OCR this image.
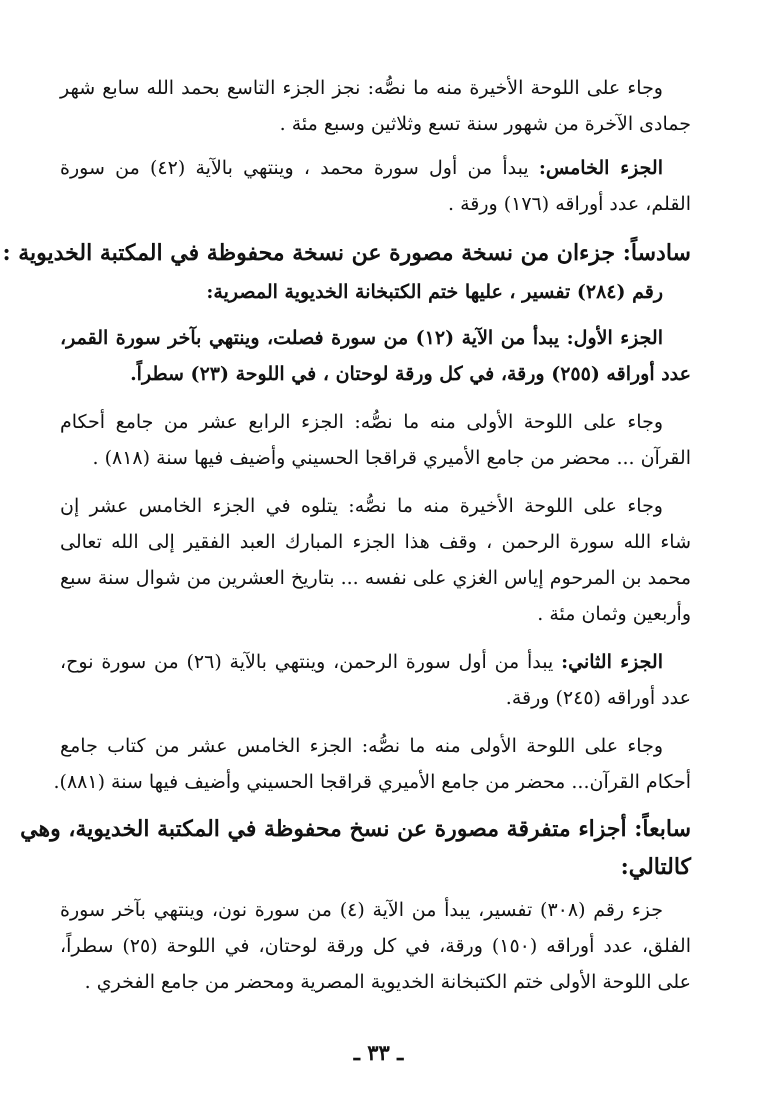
وجاء على اللوحة الأخيرة منه ما نصُّه: نجز الجزء التاسع بحمد الله سابع شهر
جمادى الآخرة من شهور سنة تسع وثلاثين وسبع مئة .

الجزء الخامس: يبدأ من أول سورة محمد ، وينتهي بالآية (٤٢) من سورة
القلم، عدد أوراقه (١٧٦) ورقة .

سادساً: جزءان من نسخة مصورة عن نسخة محفوظة في المكتبة الخديوية :

رقم (٢٨٤) تفسير ، عليها ختم الكتبخانة الخديوية المصرية:

الجزء الأول: يبدأ من الآية (١٢) من سورة فصلت، وينتهي بآخر سورة القمر،
عدد أوراقه (٢٥٥) ورقة، في كل ورقة لوحتان ، في اللوحة (٢٣) سطراً.

وجاء على اللوحة الأولى منه ما نصُّه: الجزء الرابع عشر من جامع أحكام
القرآن ... محضر من جامع الأميري قراقجا الحسيني وأضيف فيها سنة (٨١٨) .

وجاء على اللوحة الأخيرة منه ما نصُّه: يتلوه في الجزء الخامس عشر إن
شاء الله سورة الرحمن ، وقف هذا الجزء المبارك العبد الفقير إلى الله تعالى
محمد بن المرحوم إياس الغزي على نفسه ... بتاريخ العشرين من شوال سنة سبع
وأربعين وثمان مئة .

الجزء الثاني: يبدأ من أول سورة الرحمن، وينتهي بالآية (٢٦) من سورة نوح،
عدد أوراقه (٢٤٥) ورقة.

وجاء على اللوحة الأولى منه ما نصُّه: الجزء الخامس عشر من كتاب جامع
أحكام القرآن... محضر من جامع الأميري قراقجا الحسيني وأضيف فيها سنة (٨٨١).

سابعاً: أجزاء متفرقة مصورة عن نسخ محفوظة في المكتبة الخديوية، وهي
كالتالي:

جزء رقم (٣٠٨) تفسير، يبدأ من الآية (٤) من سورة نون، وينتهي بآخر سورة
الفلق، عدد أوراقه (١٥٠) ورقة، في كل ورقة لوحتان، في اللوحة (٢٥) سطراً،
على اللوحة الأولى ختم الكتبخانة الخديوية المصرية ومحضر من جامع الفخري .

ـ ٣٣ ـ
